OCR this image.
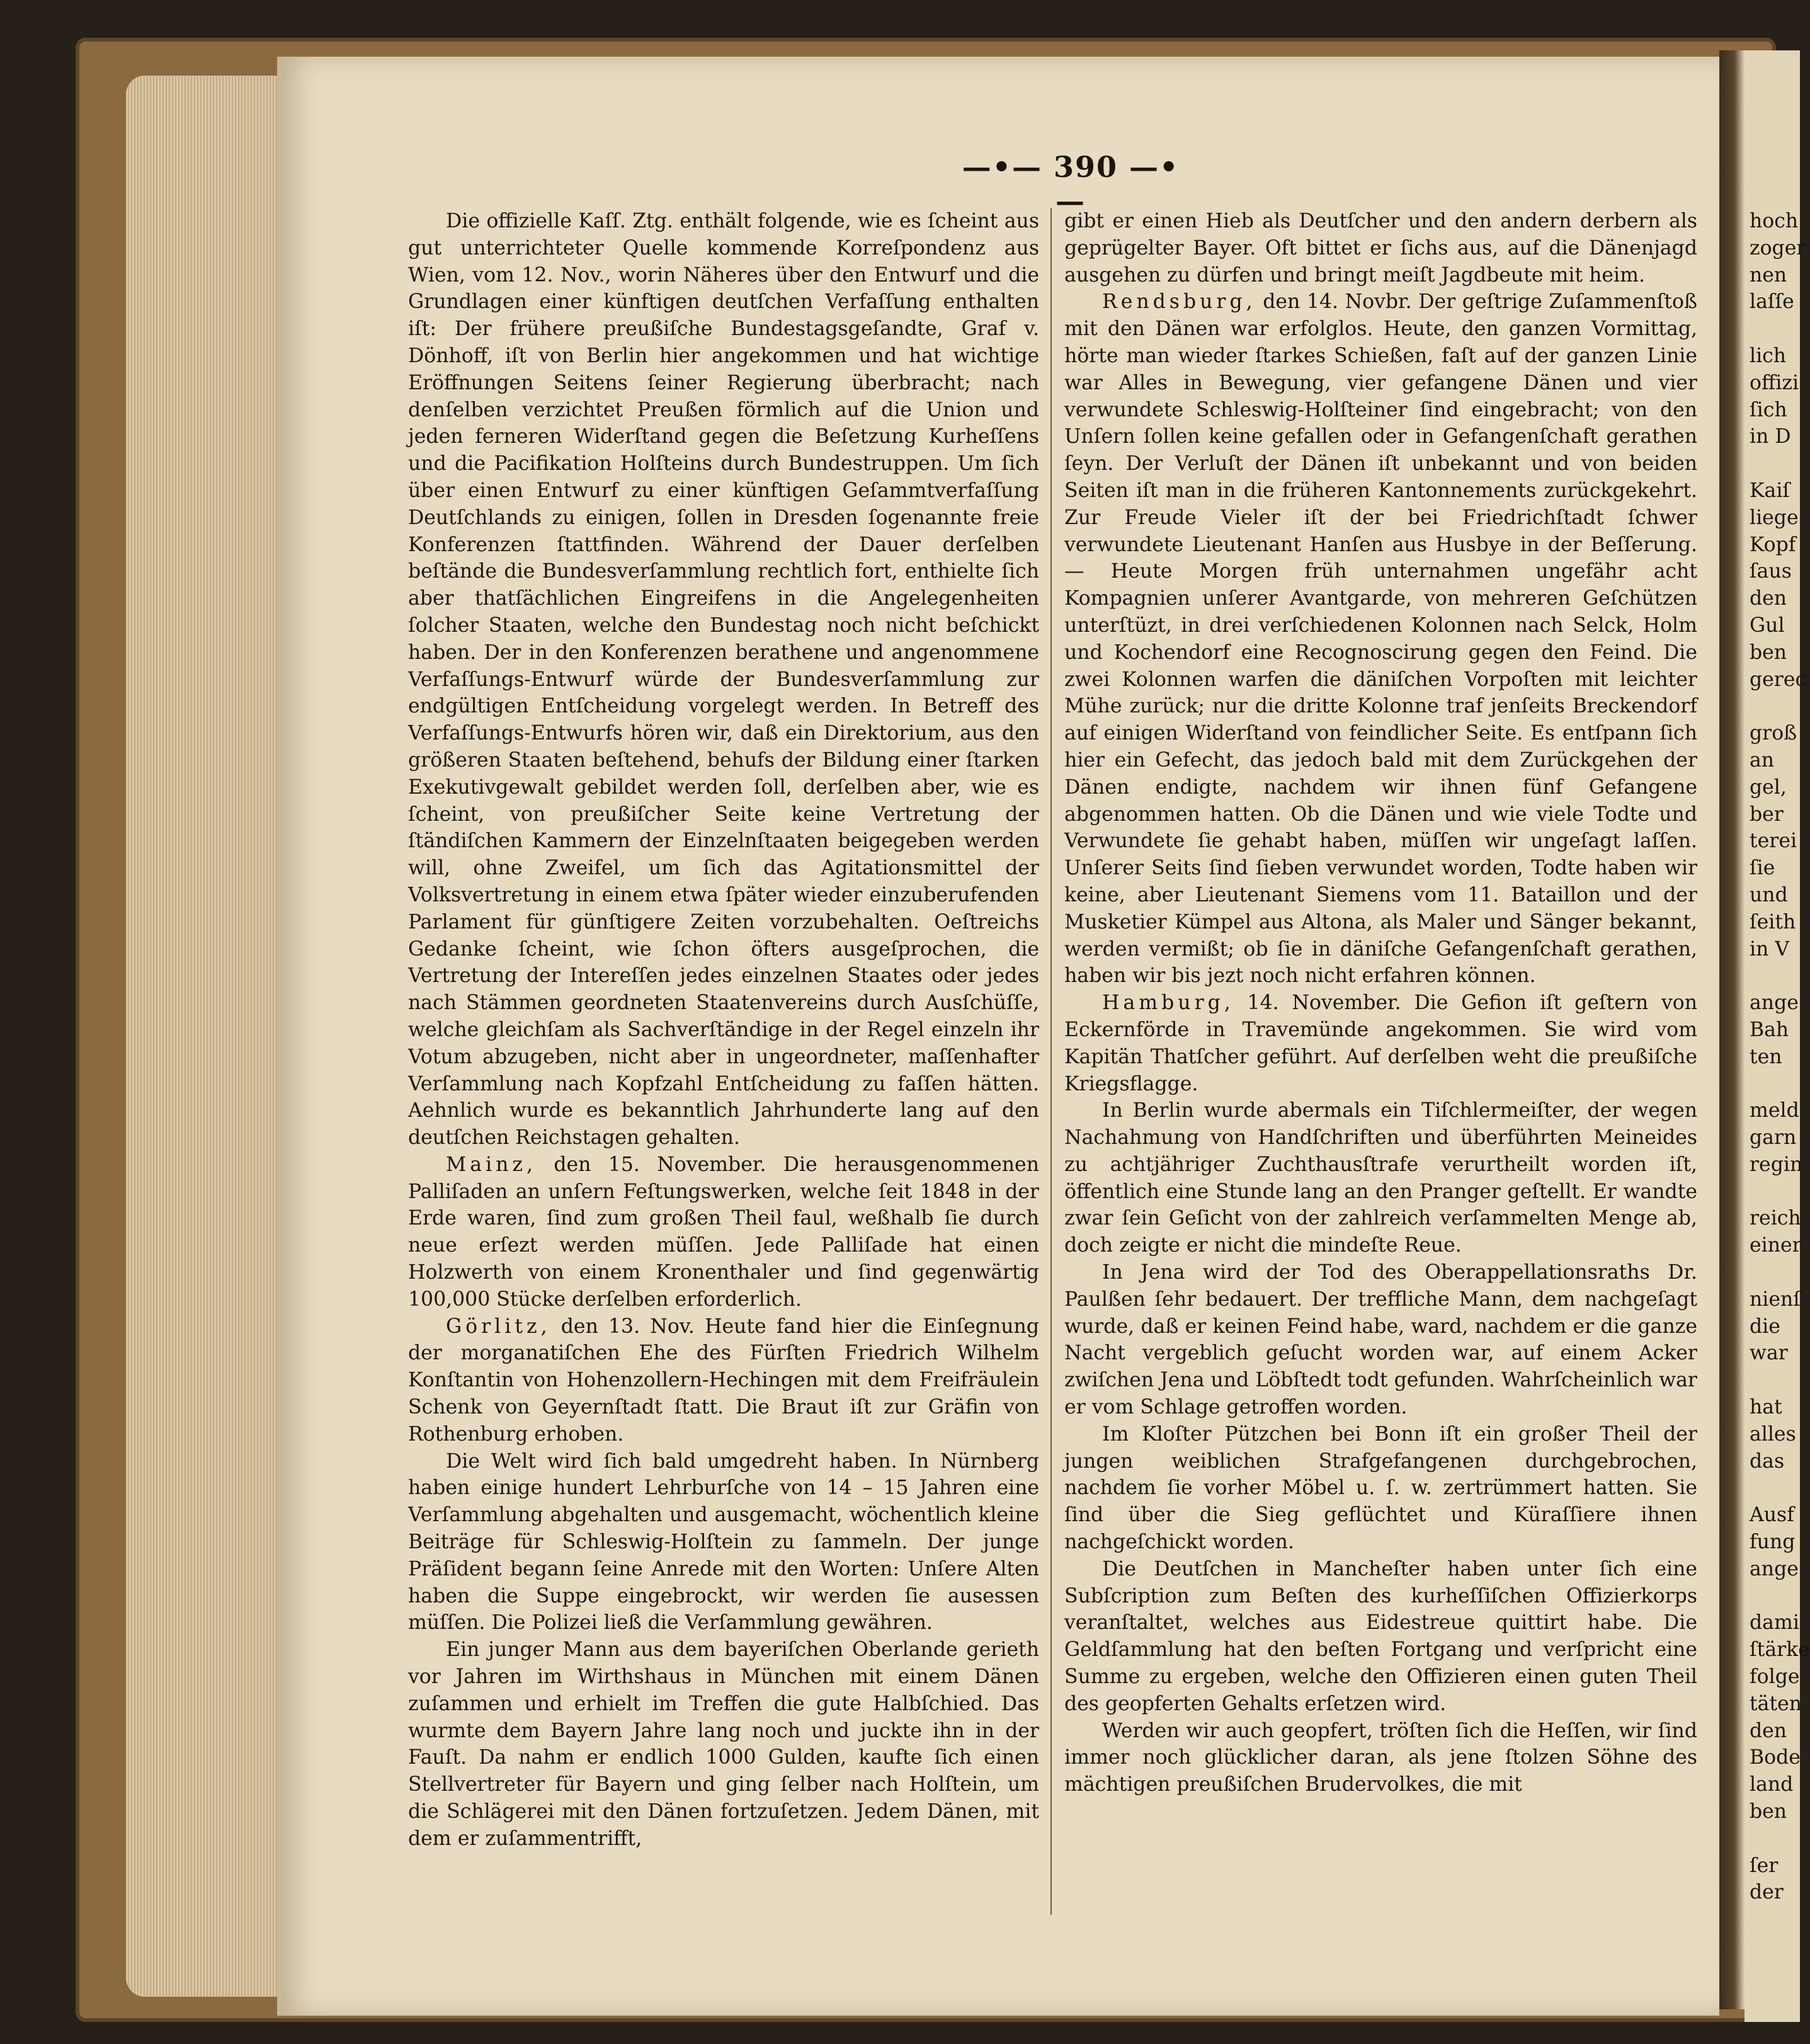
hoch
zoger
nen
laſſe

lich
offizi
ſich
in D

Kaiſ
liege
Kopf
ſaus
den
Gul
ben
gerec

groß
an
gel,
ber
terei
ſie
und
ſeith
in V

ange
Bah
ten

meld
garn
regin

reich
einer

nienſ
die
war

hat
alles
das

Ausf
fung
ange

dami
ſtärke
folge
täten
den
Bode
land
ben

ſer
der
—•— 390 —•—

Die offizielle Kaſſ. Ztg. enthält folgende, wie es ſcheint aus gut unterrichteter Quelle kommende Korreſpondenz aus Wien, vom 12. Nov., worin Näheres über den Entwurf und die Grundlagen einer künftigen deutſchen Verfaſſung enthalten iſt: Der frühere preußiſche Bundestagsgeſandte, Graf v. Dönhoff, iſt von Berlin hier angekommen und hat wichtige Eröffnungen Seitens ſeiner Regierung überbracht; nach denſelben verzichtet Preußen förmlich auf die Union und jeden ferneren Widerſtand gegen die Beſetzung Kurheſſens und die Pacifikation Holſteins durch Bundestruppen. Um ſich über einen Entwurf zu einer künftigen Geſammtverfaſſung Deutſchlands zu einigen, ſollen in Dresden ſogenannte freie Konferenzen ſtattfinden. Während der Dauer derſelben beſtände die Bundesverſammlung rechtlich fort, enthielte ſich aber thatſächlichen Eingreifens in die Angelegenheiten ſolcher Staaten, welche den Bundestag noch nicht beſchickt haben. Der in den Konferenzen berathene und angenommene Verfaſſungs-Entwurf würde der Bundesverſammlung zur endgültigen Entſcheidung vorgelegt werden. In Betreff des Verfaſſungs-Entwurfs hören wir, daß ein Direktorium, aus den größeren Staaten beſtehend, behufs der Bildung einer ſtarken Exekutivgewalt gebildet werden ſoll, derſelben aber, wie es ſcheint, von preußiſcher Seite keine Vertretung der ſtändiſchen Kammern der Einzelnſtaaten beigegeben werden will, ohne Zweifel, um ſich das Agitationsmittel der Volksvertretung in einem etwa ſpäter wieder einzuberufenden Parlament für günſtigere Zeiten vorzubehalten. Oeſtreichs Gedanke ſcheint, wie ſchon öfters ausgeſprochen, die Vertretung der Intereſſen jedes einzelnen Staates oder jedes nach Stämmen geordneten Staatenvereins durch Ausſchüſſe, welche gleichſam als Sachverſtändige in der Regel einzeln ihr Votum abzugeben, nicht aber in ungeordneter, maſſenhafter Verſammlung nach Kopfzahl Entſcheidung zu faſſen hätten. Aehnlich wurde es bekanntlich Jahrhunderte lang auf den deutſchen Reichstagen gehalten.

Mainz, den 15. November. Die herausgenommenen Palliſaden an unſern Feſtungswerken, welche ſeit 1848 in der Erde waren, ſind zum großen Theil faul, weßhalb ſie durch neue erſezt werden müſſen. Jede Palliſade hat einen Holzwerth von einem Kronenthaler und ſind gegenwärtig 100,000 Stücke derſelben erforderlich.

Görlitz, den 13. Nov. Heute fand hier die Einſegnung der morganatiſchen Ehe des Fürſten Friedrich Wilhelm Konſtantin von Hohenzollern-Hechingen mit dem Freifräulein Schenk von Geyernſtadt ſtatt. Die Braut iſt zur Gräfin von Rothenburg erhoben.

Die Welt wird ſich bald umgedreht haben. In Nürnberg haben einige hundert Lehrburſche von 14 – 15 Jahren eine Verſammlung abgehalten und ausgemacht, wöchentlich kleine Beiträge für Schleswig-Holſtein zu ſammeln. Der junge Präſident begann ſeine Anrede mit den Worten: Unſere Alten haben die Suppe eingebrockt, wir werden ſie ausessen müſſen. Die Polizei ließ die Verſammlung gewähren.

Ein junger Mann aus dem bayeriſchen Oberlande gerieth vor Jahren im Wirthshaus in München mit einem Dänen zuſammen und erhielt im Treffen die gute Halbſchied. Das wurmte dem Bayern Jahre lang noch und juckte ihn in der Fauſt. Da nahm er endlich 1000 Gulden, kaufte ſich einen Stellvertreter für Bayern und ging ſelber nach Holſtein, um die Schlägerei mit den Dänen fortzuſetzen. Jedem Dänen, mit dem er zuſammentrifft,

gibt er einen Hieb als Deutſcher und den andern derbern als geprügelter Bayer. Oft bittet er ſichs aus, auf die Dänenjagd ausgehen zu dürfen und bringt meiſt Jagdbeute mit heim.

Rendsburg, den 14. Novbr. Der geſtrige Zuſammenſtoß mit den Dänen war erfolglos. Heute, den ganzen Vormittag, hörte man wieder ſtarkes Schießen, faſt auf der ganzen Linie war Alles in Bewegung, vier gefangene Dänen und vier verwundete Schleswig-Holſteiner ſind eingebracht; von den Unſern ſollen keine gefallen oder in Gefangenſchaft gerathen ſeyn. Der Verluſt der Dänen iſt unbekannt und von beiden Seiten iſt man in die früheren Kantonnements zurückgekehrt. Zur Freude Vieler iſt der bei Friedrichſtadt ſchwer verwundete Lieutenant Hanſen aus Husbye in der Beſſerung. — Heute Morgen früh unternahmen ungefähr acht Kompagnien unſerer Avantgarde, von mehreren Geſchützen unterſtüzt, in drei verſchiedenen Kolonnen nach Selck, Holm und Kochendorf eine Recognoscirung gegen den Feind. Die zwei Kolonnen warfen die däniſchen Vorpoſten mit leichter Mühe zurück; nur die dritte Kolonne traf jenſeits Breckendorf auf einigen Widerſtand von feindlicher Seite. Es entſpann ſich hier ein Gefecht, das jedoch bald mit dem Zurückgehen der Dänen endigte, nachdem wir ihnen fünf Gefangene abgenommen hatten. Ob die Dänen und wie viele Todte und Verwundete ſie gehabt haben, müſſen wir ungeſagt laſſen. Unſerer Seits ſind ſieben verwundet worden, Todte haben wir keine, aber Lieutenant Siemens vom 11. Bataillon und der Musketier Kümpel aus Altona, als Maler und Sänger bekannt, werden vermißt; ob ſie in däniſche Gefangenſchaft gerathen, haben wir bis jezt noch nicht erfahren können.

Hamburg, 14. November. Die Gefion iſt geſtern von Eckernförde in Travemünde angekommen. Sie wird vom Kapitän Thatſcher geführt. Auf derſelben weht die preußiſche Kriegsflagge.

In Berlin wurde abermals ein Tiſchlermeiſter, der wegen Nachahmung von Handſchriften und überführten Meineides zu achtjähriger Zuchthausſtrafe verurtheilt worden iſt, öffentlich eine Stunde lang an den Pranger geſtellt. Er wandte zwar ſein Geſicht von der zahlreich verſammelten Menge ab, doch zeigte er nicht die mindeſte Reue.

In Jena wird der Tod des Oberappellationsraths Dr. Paulßen ſehr bedauert. Der treffliche Mann, dem nachgeſagt wurde, daß er keinen Feind habe, ward, nachdem er die ganze Nacht vergeblich geſucht worden war, auf einem Acker zwiſchen Jena und Löbſtedt todt gefunden. Wahrſcheinlich war er vom Schlage getroffen worden.

Im Kloſter Pützchen bei Bonn iſt ein großer Theil der jungen weiblichen Strafgefangenen durchgebrochen, nachdem ſie vorher Möbel u. ſ. w. zertrümmert hatten. Sie ſind über die Sieg geflüchtet und Küraſſiere ihnen nachgeſchickt worden.

Die Deutſchen in Mancheſter haben unter ſich eine Subſcription zum Beſten des kurheſſiſchen Offizierkorps veranſtaltet, welches aus Eidestreue quittirt habe. Die Geldſammlung hat den beſten Fortgang und verſpricht eine Summe zu ergeben, welche den Offizieren einen guten Theil des geopferten Gehalts erſetzen wird.

Werden wir auch geopfert, tröſten ſich die Heſſen, wir ſind immer noch glücklicher daran, als jene ſtolzen Söhne des mächtigen preußiſchen Brudervolkes, die mit
